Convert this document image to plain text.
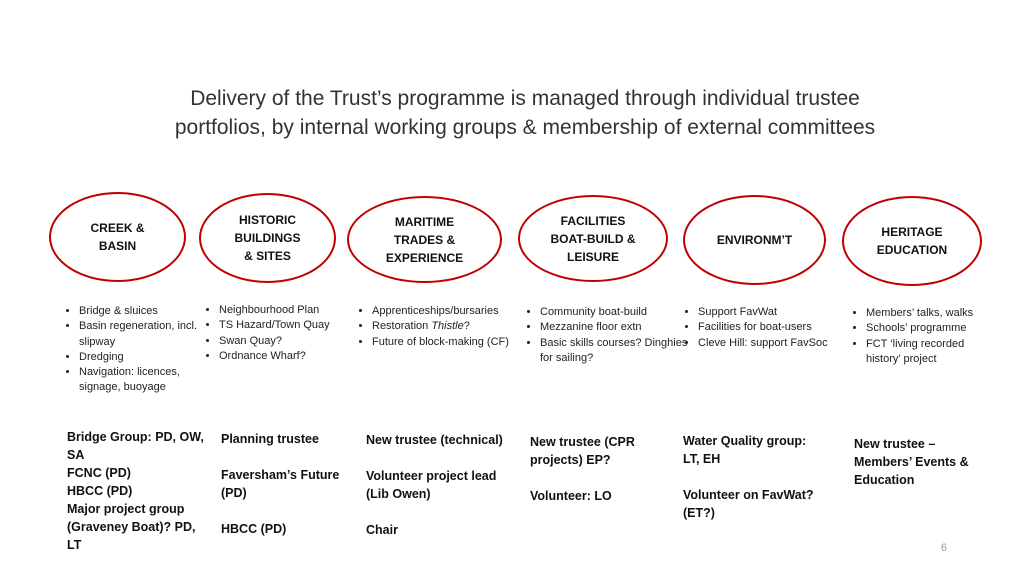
Delivery of the Trust’s programme is managed through individual trustee
portfolios, by internal working groups & membership of external committees
CREEK &
BASIN
HISTORIC
BUILDINGS
& SITES
MARITIME
TRADES &
EXPERIENCE
FACILITIES
BOAT-BUILD &
LEISURE
ENVIRONM’T
HERITAGE
EDUCATION
• Bridge & sluices
• Basin regeneration, incl. slipway
• Dredging
• Navigation: licences, signage, buoyage
• Neighbourhood Plan
• TS Hazard/Town Quay
• Swan Quay?
• Ordnance Wharf?
• Apprenticeships/bursaries
• Restoration Thistle?
• Future of block-making (CF)
• Community boat-build
• Mezzanine floor extn
• Basic skills courses? Dinghies for sailing?
• Support FavWat
• Facilities for boat-users
• Cleve Hill: support FavSoc
• Members’ talks, walks
• Schools’ programme
• FCT ‘living recorded history’ project
Bridge Group: PD, OW, SA
FCNC (PD)
HBCC (PD)
Major project group (Graveney Boat)? PD, LT
Planning trustee
Faversham’s Future (PD)
HBCC (PD)
New trustee (technical)
Volunteer project lead (Lib Owen)
Chair
New trustee (CPR projects) EP?
Volunteer: LO
Water Quality group: LT, EH
Volunteer on FavWat? (ET?)
New trustee – Members’ Events & Education
6
